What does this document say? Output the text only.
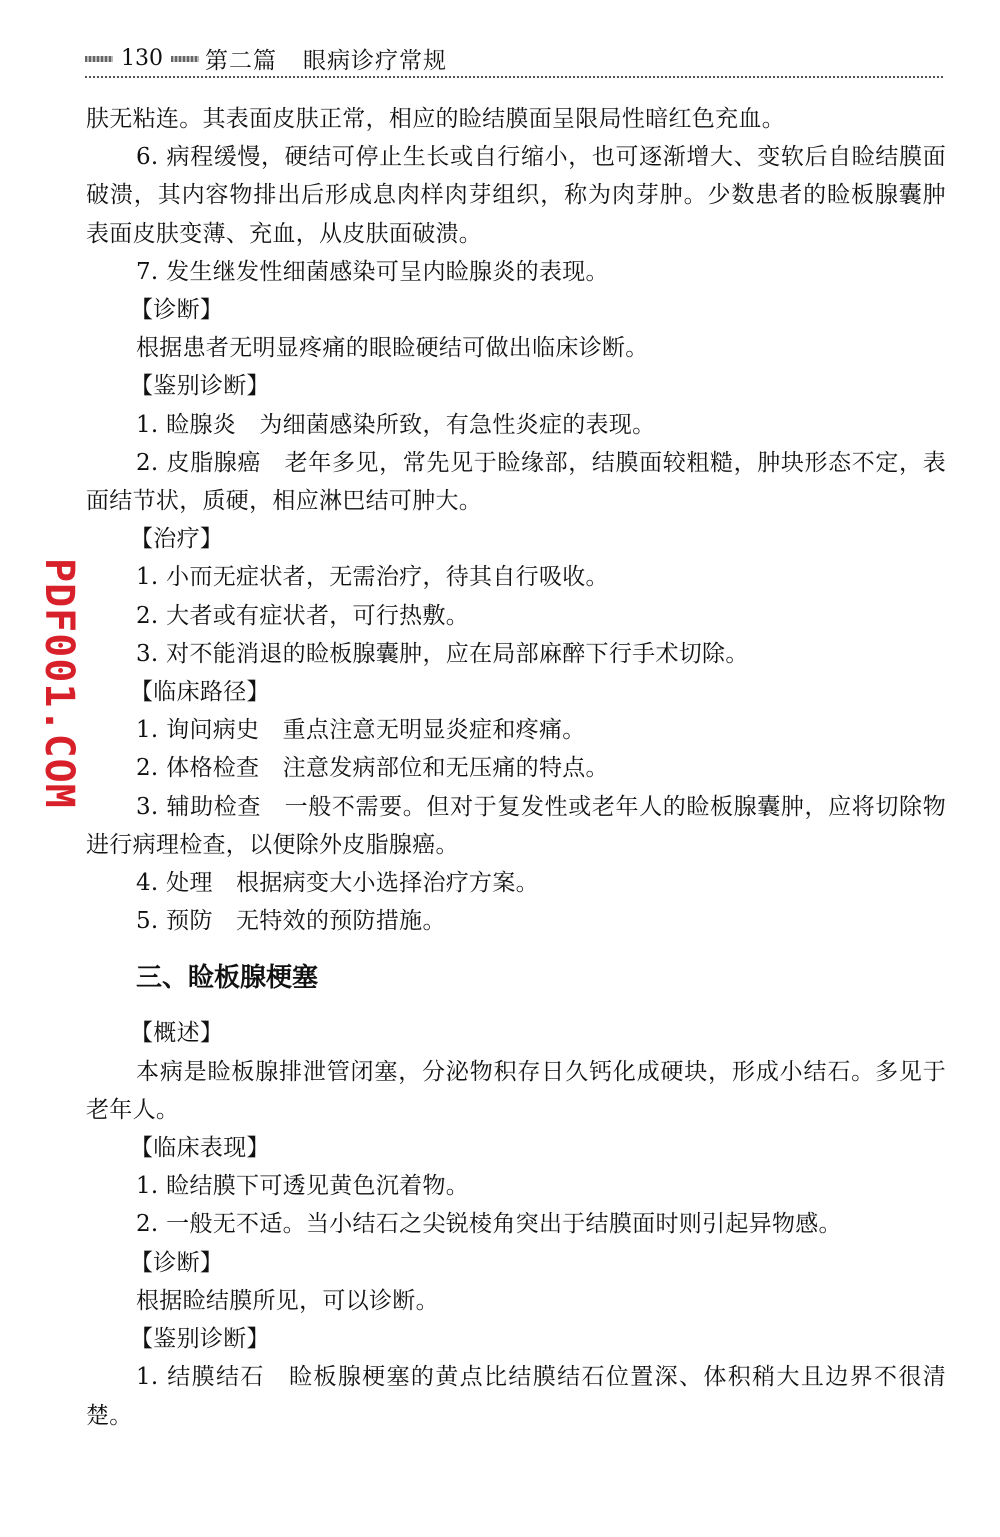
130 第二篇 眼病诊疗常规
PDF001.COM

肤无粘连。其表面皮肤正常，相应的睑结膜面呈限局性暗红色充血。

6. 病程缓慢，硬结可停止生长或自行缩小，也可逐渐增大、变软后自睑结膜面破溃，其内容物排出后形成息肉样肉芽组织，称为肉芽肿。少数患者的睑板腺囊肿表面皮肤变薄、充血，从皮肤面破溃。

7. 发生继发性细菌感染可呈内睑腺炎的表现。

【诊断】

根据患者无明显疼痛的眼睑硬结可做出临床诊断。

【鉴别诊断】

1. 睑腺炎　为细菌感染所致，有急性炎症的表现。

2. 皮脂腺癌　老年多见，常先见于睑缘部，结膜面较粗糙，肿块形态不定，表面结节状，质硬，相应淋巴结可肿大。

【治疗】

1. 小而无症状者，无需治疗，待其自行吸收。

2. 大者或有症状者，可行热敷。

3. 对不能消退的睑板腺囊肿，应在局部麻醉下行手术切除。

【临床路径】

1. 询问病史　重点注意无明显炎症和疼痛。

2. 体格检查　注意发病部位和无压痛的特点。

3. 辅助检查　一般不需要。但对于复发性或老年人的睑板腺囊肿，应将切除物进行病理检查，以便除外皮脂腺癌。

4. 处理　根据病变大小选择治疗方案。

5. 预防　无特效的预防措施。

三、睑板腺梗塞

【概述】

本病是睑板腺排泄管闭塞，分泌物积存日久钙化成硬块，形成小结石。多见于老年人。

【临床表现】

1. 睑结膜下可透见黄色沉着物。

2. 一般无不适。当小结石之尖锐棱角突出于结膜面时则引起异物感。

【诊断】

根据睑结膜所见，可以诊断。

【鉴别诊断】

1. 结膜结石　睑板腺梗塞的黄点比结膜结石位置深、体积稍大且边界不很清楚。
